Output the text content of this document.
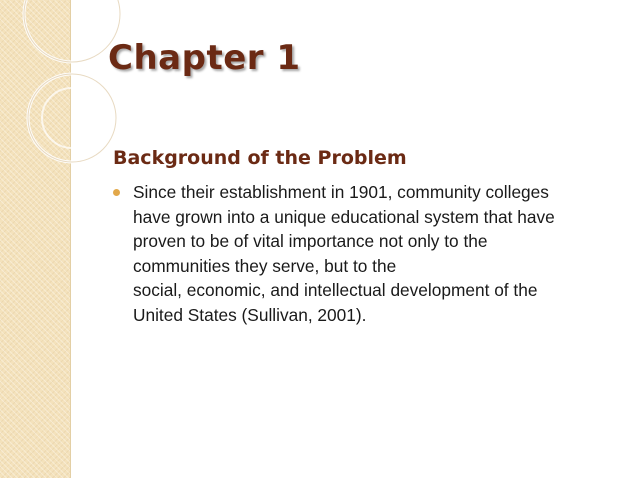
Chapter 1
Background of the Problem
Since their establishment in 1901, community colleges
have grown into a unique educational system that have
proven to be of vital importance not only to the
communities they serve, but to the
social, economic, and intellectual development of the
United States (Sullivan, 2001).
